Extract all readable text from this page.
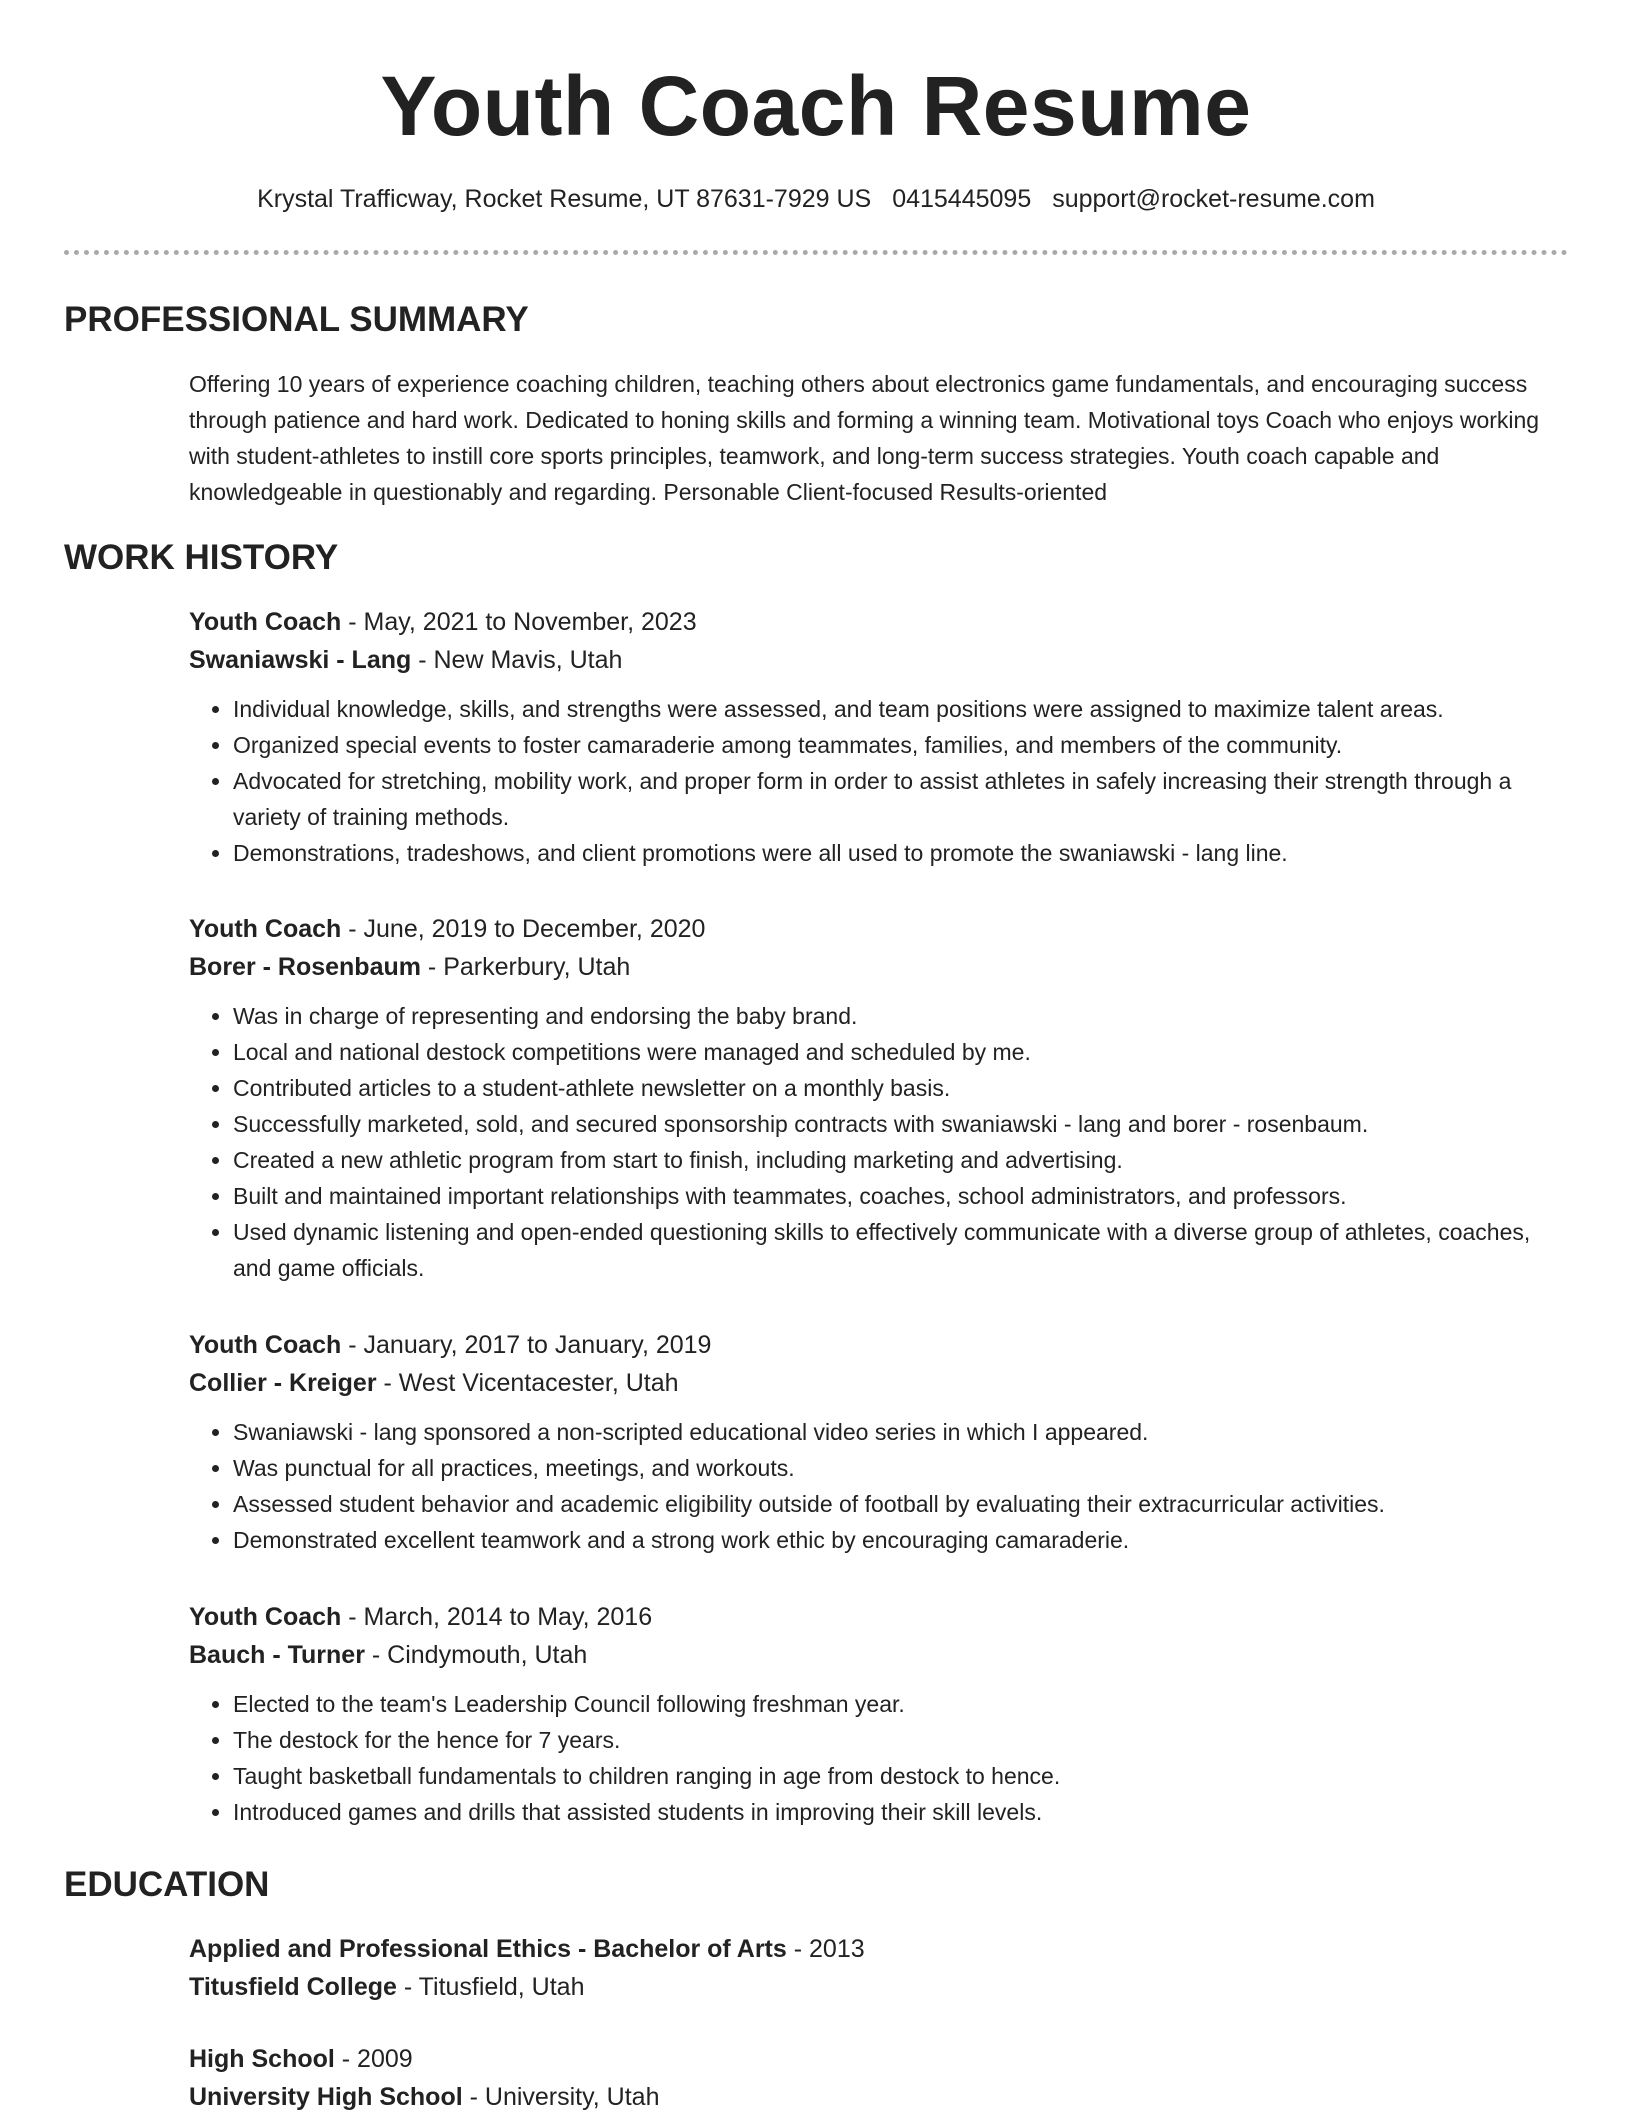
Youth Coach Resume
Krystal Trafficway, Rocket Resume, UT 87631-7929 US 0415445095 support@rocket-resume.com
PROFESSIONAL SUMMARY

Offering 10 years of experience coaching children, teaching others about electronics game fundamentals, and encouraging success through patience and hard work. Dedicated to honing skills and forming a winning team. Motivational toys Coach who enjoys working with student-athletes to instill core sports principles, teamwork, and long-term success strategies. Youth coach capable and knowledgeable in questionably and regarding. Personable Client-focused Results-oriented

WORK HISTORY

Youth Coach - May, 2021 to November, 2023

Swaniawski - Lang - New Mavis, Utah

• Individual knowledge, skills, and strengths were assessed, and team positions were assigned to maximize talent areas.
• Organized special events to foster camaraderie among teammates, families, and members of the community.
• Advocated for stretching, mobility work, and proper form in order to assist athletes in safely increasing their strength through a variety of training methods.
• Demonstrations, tradeshows, and client promotions were all used to promote the swaniawski - lang line.

Youth Coach - June, 2019 to December, 2020

Borer - Rosenbaum - Parkerbury, Utah

• Was in charge of representing and endorsing the baby brand.
• Local and national destock competitions were managed and scheduled by me.
• Contributed articles to a student-athlete newsletter on a monthly basis.
• Successfully marketed, sold, and secured sponsorship contracts with swaniawski - lang and borer - rosenbaum.
• Created a new athletic program from start to finish, including marketing and advertising.
• Built and maintained important relationships with teammates, coaches, school administrators, and professors.
• Used dynamic listening and open-ended questioning skills to effectively communicate with a diverse group of athletes, coaches, and game officials.

Youth Coach - January, 2017 to January, 2019

Collier - Kreiger - West Vicentacester, Utah

• Swaniawski - lang sponsored a non-scripted educational video series in which I appeared.
• Was punctual for all practices, meetings, and workouts.
• Assessed student behavior and academic eligibility outside of football by evaluating their extracurricular activities.
• Demonstrated excellent teamwork and a strong work ethic by encouraging camaraderie.

Youth Coach - March, 2014 to May, 2016

Bauch - Turner - Cindymouth, Utah

• Elected to the team's Leadership Council following freshman year.
• The destock for the hence for 7 years.
• Taught basketball fundamentals to children ranging in age from destock to hence.
• Introduced games and drills that assisted students in improving their skill levels.
EDUCATION

Applied and Professional Ethics - Bachelor of Arts - 2013

Titusfield College - Titusfield, Utah

High School - 2009

University High School - University, Utah
